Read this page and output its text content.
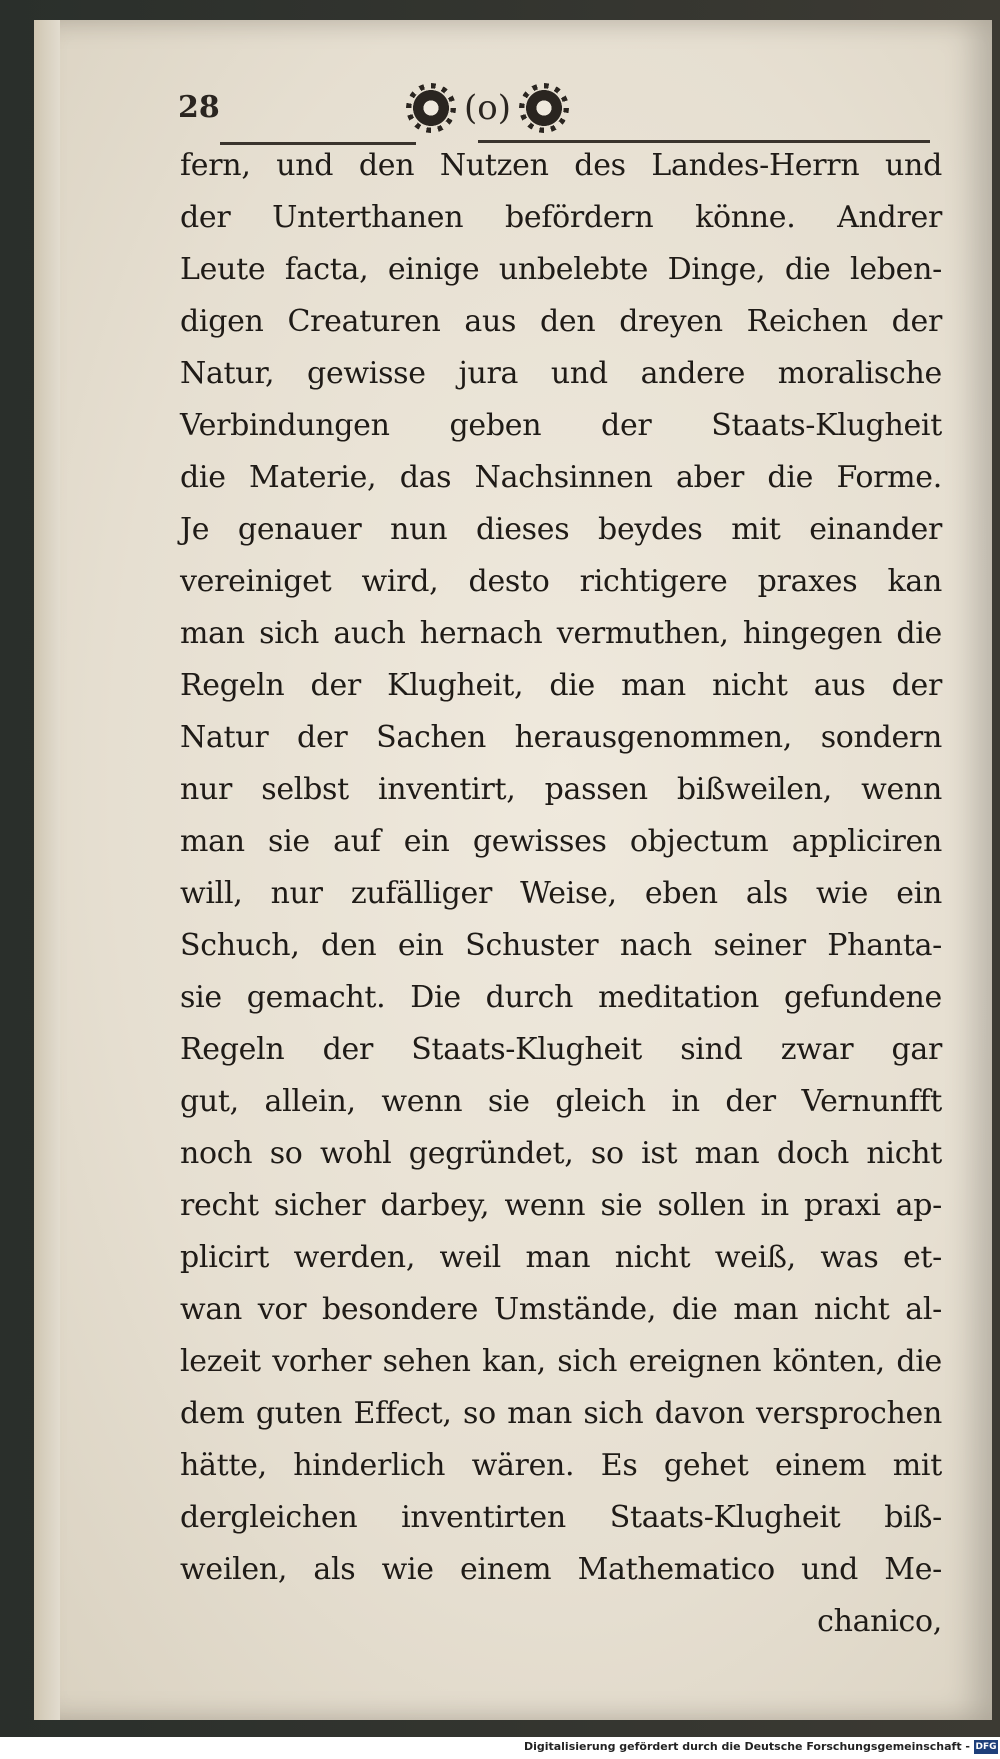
28	(o)
fern, und den Nutzen des Landes-Herrn und
der Unterthanen befördern könne. Andrer
Leute facta, einige unbelebte Dinge, die leben-
digen Creaturen aus den dreyen Reichen der
Natur, gewisse jura und andere moralische
Verbindungen geben der Staats-Klugheit
die Materie, das Nachsinnen aber die Forme.
Je genauer nun dieses beydes mit einander
vereiniget wird, desto richtigere praxes kan
man sich auch hernach vermuthen, hingegen die
Regeln der Klugheit, die man nicht aus der
Natur der Sachen herausgenommen, sondern
nur selbst inventirt, passen bißweilen, wenn
man sie auf ein gewisses objectum appliciren
will, nur zufälliger Weise, eben als wie ein
Schuch, den ein Schuster nach seiner Phanta-
sie gemacht. Die durch meditation gefundene
Regeln der Staats-Klugheit sind zwar gar
gut, allein, wenn sie gleich in der Vernunfft
noch so wohl gegründet, so ist man doch nicht
recht sicher darbey, wenn sie sollen in praxi ap-
plicirt werden, weil man nicht weiß, was et-
wan vor besondere Umstände, die man nicht al-
lezeit vorher sehen kan, sich ereignen könten, die
dem guten Effect, so man sich davon versprochen
hätte, hinderlich wären. Es gehet einem mit
dergleichen inventirten Staats-Klugheit biß-
weilen, als wie einem Mathematico und Me-
chanico,
Digitalisierung gefördert durch die Deutsche Forschungsgemeinschaft - DFG
